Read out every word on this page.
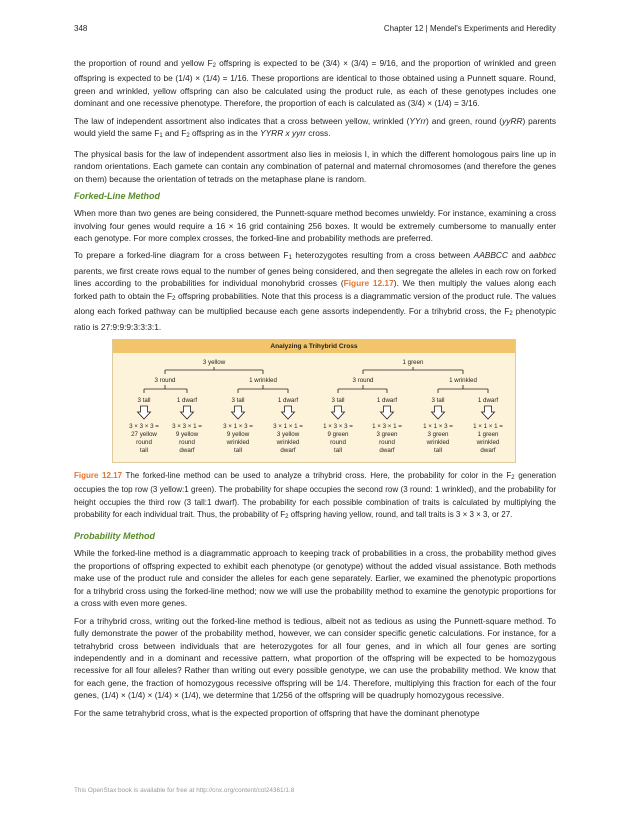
348	Chapter 12 | Mendel's Experiments and Heredity

the proportion of round and yellow F2 offspring is expected to be (3/4) × (3/4) = 9/16, and the proportion of wrinkled and green offspring is expected to be (1/4) × (1/4) = 1/16. These proportions are identical to those obtained using a Punnett square. Round, green and wrinkled, yellow offspring can also be calculated using the product rule, as each of these genotypes includes one dominant and one recessive phenotype. Therefore, the proportion of each is calculated as (3/4) × (1/4) = 3/16.

The law of independent assortment also indicates that a cross between yellow, wrinkled (YYrr) and green, round (yyRR) parents would yield the same F1 and F2 offspring as in the YYRR x yyrr cross.

The physical basis for the law of independent assortment also lies in meiosis I, in which the different homologous pairs line up in random orientations. Each gamete can contain any combination of paternal and maternal chromosomes (and therefore the genes on them) because the orientation of tetrads on the metaphase plane is random.

Forked-Line Method

When more than two genes are being considered, the Punnett-square method becomes unwieldy. For instance, examining a cross involving four genes would require a 16 × 16 grid containing 256 boxes. It would be extremely cumbersome to manually enter each genotype. For more complex crosses, the forked-line and probability methods are preferred.

To prepare a forked-line diagram for a cross between F1 heterozygotes resulting from a cross between AABBCC and aabbcc parents, we first create rows equal to the number of genes being considered, and then segregate the alleles in each row on forked lines according to the probabilities for individual monohybrid crosses (Figure 12.17). We then multiply the values along each forked path to obtain the F2 offspring probabilities. Note that this process is a diagrammatic version of the product rule. The values along each forked pathway can be multiplied because each gene assorts independently. For a trihybrid cross, the F2 phenotypic ratio is 27:9:9:9:3:3:3:1.

Analyzing a Trihybrid Cross
3 yellow	1 green
3 round	1 wrinkled	3 round	1 wrinkled
3 tall
3 × 3 × 3 =
27 yellow
round
tall
1 dwarf
3 × 3 × 1 =
9 yellow
round
dwarf
3 tall
3 × 1 × 3 =
9 yellow
wrinkled
tall
1 dwarf
3 × 1 × 1 =
3 yellow
wrinkled
dwarf
3 tall
1 × 3 × 3 =
9 green
round
tall
1 dwarf
1 × 3 × 1 =
3 green
round
dwarf
3 tall
1 × 1 × 3 =
3 green
wrinkled
tall
1 dwarf
1 × 1 × 1 =
1 green
wrinkled
dwarf

Figure 12.17 The forked-line method can be used to analyze a trihybrid cross. Here, the probability for color in the F2 generation occupies the top row (3 yellow:1 green). The probability for shape occupies the second row (3 round: 1 wrinkled), and the probability for height occupies the third row (3 tall:1 dwarf). The probability for each possible combination of traits is calculated by multiplying the probability for each individual trait. Thus, the probability of F2 offspring having yellow, round, and tall traits is 3 × 3 × 3, or 27.

Probability Method

While the forked-line method is a diagrammatic approach to keeping track of probabilities in a cross, the probability method gives the proportions of offspring expected to exhibit each phenotype (or genotype) without the added visual assistance. Both methods make use of the product rule and consider the alleles for each gene separately. Earlier, we examined the phenotypic proportions for a trihybrid cross using the forked-line method; now we will use the probability method to examine the genotypic proportions for a cross with even more genes.

For a trihybrid cross, writing out the forked-line method is tedious, albeit not as tedious as using the Punnett-square method. To fully demonstrate the power of the probability method, however, we can consider specific genetic calculations. For instance, for a tetrahybrid cross between individuals that are heterozygotes for all four genes, and in which all four genes are sorting independently and in a dominant and recessive pattern, what proportion of the offspring will be expected to be homozygous recessive for all four alleles? Rather than writing out every possible genotype, we can use the probability method. We know that for each gene, the fraction of homozygous recessive offspring will be 1/4. Therefore, multiplying this fraction for each of the four genes, (1/4) × (1/4) × (1/4) × (1/4), we determine that 1/256 of the offspring will be quadruply homozygous recessive.

For the same tetrahybrid cross, what is the expected proportion of offspring that have the dominant phenotype

This OpenStax book is available for free at http://cnx.org/content/col24361/1.8
